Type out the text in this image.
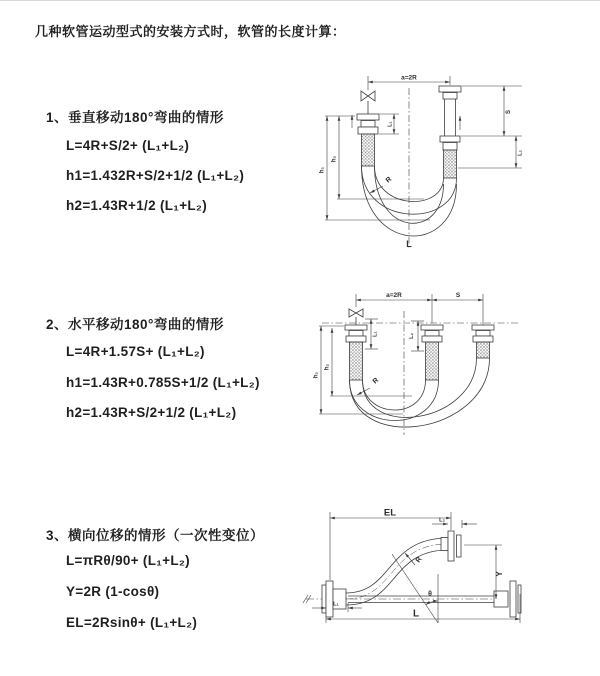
几种软管运动型式的安装方式时，软管的长度计算：
1、垂直移动180°弯曲的情形
L=4R+S/2+ (L₁+L₂)
h1=1.432R+S/2+1/2 (L₁+L₂)
h2=1.43R+1/2 (L₁+L₂)
2、水平移动180°弯曲的情形
L=4R+1.57S+ (L₁+L₂)
h1=1.43R+0.785S+1/2 (L₁+L₂)
h2=1.43R+S/2+1/2 (L₁+L₂)
3、横向位移的情形（一次性变位）
L=πRθ/90+ (L₁+L₂)
Y=2R (1-cosθ)
EL=2Rsinθ+ (L₁+L₂)
a=2R
h₁
h₂
L₁
S
L₂
R
L
a=2R	S
h₁
h₂
L₁	L₂
R
EL
L₂
Y
θ
R
L₁
L
